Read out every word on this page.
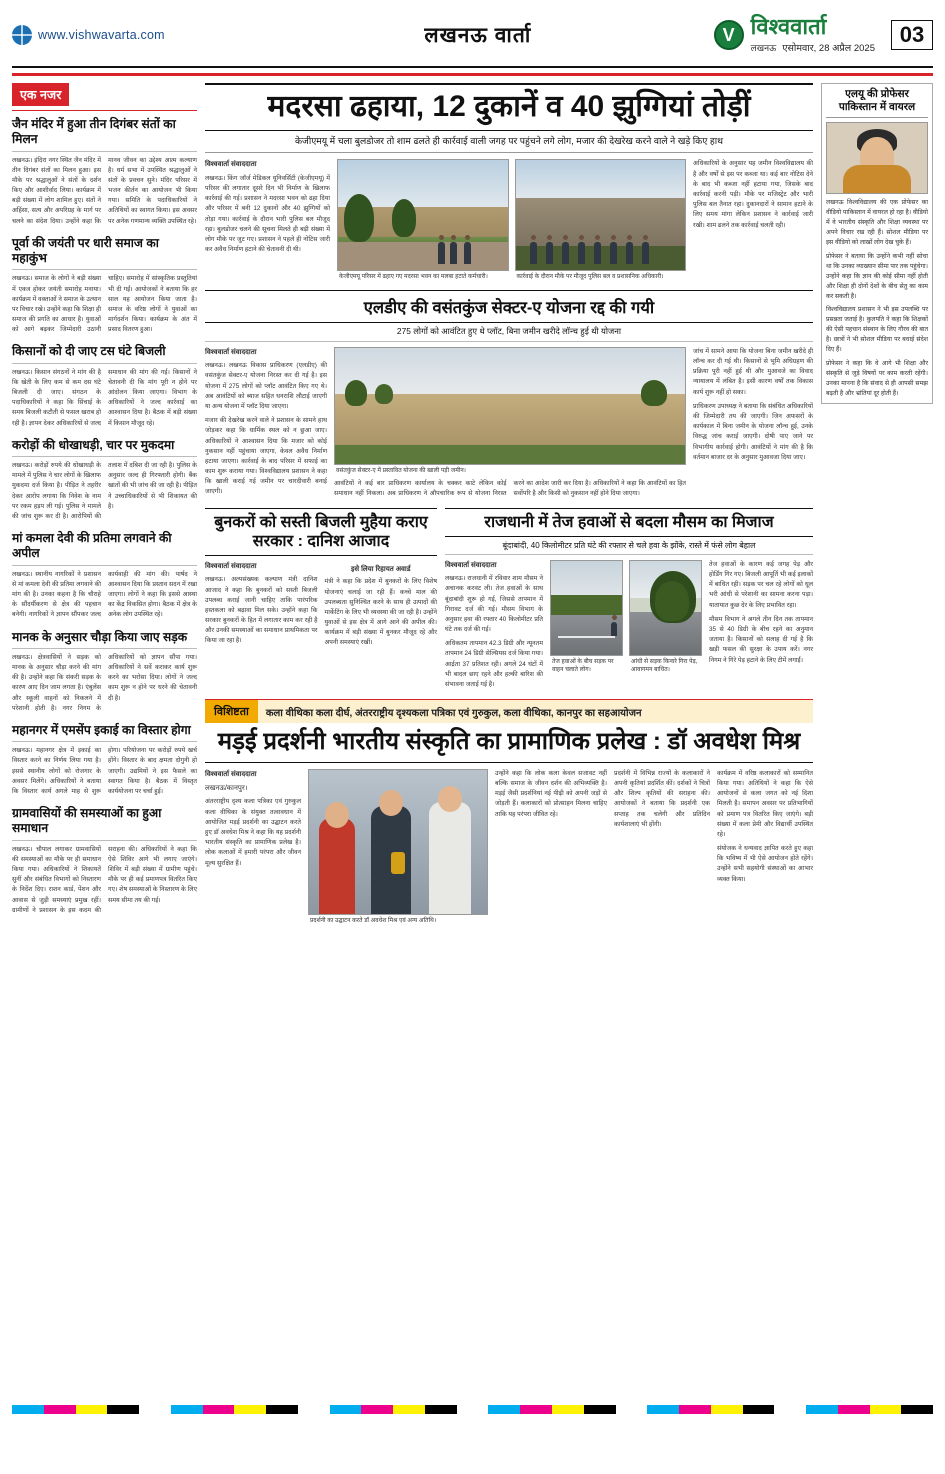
www.vishwavarta.com	लखनऊ वार्ता	V विश्ववार्ता
लखनऊ एसोमवार, 28 अप्रैल 2025
03
एक नजर
जैन मंदिर में हुआ तीन दिगंबर संतों का मिलन
लखनऊ। इंदिरा नगर स्थित जैन मंदिर में तीन दिगंबर संतों का मिलन हुआ। इस मौके पर श्रद्धालुओं ने संतों के दर्शन किए और आशीर्वाद लिया। कार्यक्रम में बड़ी संख्या में लोग शामिल हुए। संतों ने अहिंसा, सत्य और अपरिग्रह के मार्ग पर चलने का संदेश दिया। उन्होंने कहा कि मानव जीवन का उद्देश्य आत्म कल्याण है। धर्म सभा में उपस्थित श्रद्धालुओं ने संतों के प्रवचन सुने। मंदिर परिसर में भजन कीर्तन का आयोजन भी किया गया। समिति के पदाधिकारियों ने अतिथियों का स्वागत किया। इस अवसर पर अनेक गणमान्य व्यक्ति उपस्थित रहे।
पूर्वा की जयंती पर धारी समाज का महाकुंभ
लखनऊ। समाज के लोगों ने बड़ी संख्या में एकत्र होकर जयंती समारोह मनाया। कार्यक्रम में वक्ताओं ने समाज के उत्थान पर विचार रखे। उन्होंने कहा कि शिक्षा ही समाज की प्रगति का आधार है। युवाओं को आगे बढ़कर जिम्मेदारी उठानी चाहिए। समारोह में सांस्कृतिक प्रस्तुतियां भी दी गईं। आयोजकों ने बताया कि हर साल यह आयोजन किया जाता है। समाज के वरिष्ठ लोगों ने युवाओं का मार्गदर्शन किया। कार्यक्रम के अंत में प्रसाद वितरण हुआ।
किसानों को दी जाए टस घंटे बिजली
लखनऊ। किसान संगठनों ने मांग की है कि खेती के लिए कम से कम दस घंटे बिजली दी जाए। संगठन के पदाधिकारियों ने कहा कि सिंचाई के समय बिजली कटौती से फसल खराब हो रही है। ज्ञापन देकर अधिकारियों से जल्द समाधान की मांग की गई। किसानों ने चेतावनी दी कि मांग पूरी न होने पर आंदोलन किया जाएगा। विभाग के अधिकारियों ने जल्द कार्रवाई का आश्वासन दिया है। बैठक में बड़ी संख्या में किसान मौजूद रहे।
करोड़ों की धोखाधड़ी, चार पर मुकदमा
लखनऊ। करोड़ों रुपये की धोखाधड़ी के मामले में पुलिस ने चार लोगों के खिलाफ मुकदमा दर्ज किया है। पीड़ित ने तहरीर देकर आरोप लगाया कि निवेश के नाम पर रकम हड़प ली गई। पुलिस ने मामले की जांच शुरू कर दी है। आरोपियों की तलाश में दबिश दी जा रही है। पुलिस के अनुसार जल्द ही गिरफ्तारी होगी। बैंक खातों की भी जांच की जा रही है। पीड़ित ने उच्चाधिकारियों से भी शिकायत की है।
मां कमला देवी की प्रतिमा लगवाने की अपील
लखनऊ। स्थानीय नागरिकों ने प्रशासन से मां कमला देवी की प्रतिमा लगवाने की मांग की है। उनका कहना है कि चौराहे के सौंदर्यीकरण से क्षेत्र की पहचान बनेगी। नागरिकों ने ज्ञापन सौंपकर जल्द कार्यवाही की मांग की। पार्षद ने आश्वासन दिया कि प्रस्ताव सदन में रखा जाएगा। लोगों ने कहा कि इससे आस्था का केंद्र विकसित होगा। बैठक में क्षेत्र के अनेक लोग उपस्थित रहे।
मानक के अनुसार चौड़ा किया जाए सड़क
लखनऊ। क्षेत्रवासियों ने सड़क को मानक के अनुसार चौड़ा करने की मांग की है। उन्होंने कहा कि संकरी सड़क के कारण आए दिन जाम लगता है। एंबुलेंस और स्कूली वाहनों को निकलने में परेशानी होती है। नगर निगम के अधिकारियों को ज्ञापन सौंपा गया। अधिकारियों ने सर्वे कराकर कार्य शुरू करने का भरोसा दिया। लोगों ने जल्द काम शुरू न होने पर धरने की चेतावनी दी है।
महानगर में एमसेंप इकाई का विस्तार होगा
लखनऊ। महानगर क्षेत्र में इकाई का विस्तार करने का निर्णय लिया गया है। इससे स्थानीय लोगों को रोजगार के अवसर मिलेंगे। अधिकारियों ने बताया कि विस्तार कार्य अगले माह से शुरू होगा। परियोजना पर करोड़ों रुपये खर्च होंगे। विस्तार के बाद क्षमता दोगुनी हो जाएगी। उद्यमियों ने इस फैसले का स्वागत किया है। बैठक में विस्तृत कार्ययोजना पर चर्चा हुई।
ग्रामवासियों की समस्याओं का हुआ समाधान
लखनऊ। चौपाल लगाकर ग्रामवासियों की समस्याओं का मौके पर ही समाधान किया गया। अधिकारियों ने शिकायतें सुनीं और संबंधित विभागों को निस्तारण के निर्देश दिए। राशन कार्ड, पेंशन और आवास से जुड़ी समस्याएं प्रमुख रहीं। ग्रामीणों ने प्रशासन के इस कदम की सराहना की। अधिकारियों ने कहा कि ऐसे शिविर आगे भी लगाए जाएंगे। शिविर में बड़ी संख्या में ग्रामीण पहुंचे। मौके पर ही कई प्रमाणपत्र वितरित किए गए। शेष समस्याओं के निस्तारण के लिए समय सीमा तय की गई।
मदरसा ढहाया, 12 दुकानें व 40 झुग्गियां तोड़ीं
केजीएमयू में चला बुलडोजर तो शाम ढलते ही कार्रवाई वाली जगह पर पहुंचने लगे लोग, मजार की देखरेख करने वाले ने खड़े किए हाथ
विश्ववार्ता संवाददाता
लखनऊ। किंग जॉर्ज मेडिकल यूनिवर्सिटी (केजीएमयू) में परिसर की लगातार दूसरे दिन भी निर्माण के खिलाफ कार्रवाई की गई। प्रशासन ने मदरसा भवन को ढहा दिया और परिसर में बनी 12 दुकानों और 40 झुग्गियों को तोड़ा गया। कार्रवाई के दौरान भारी पुलिस बल मौजूद रहा। बुलडोजर चलने की सूचना मिलते ही बड़ी संख्या में लोग मौके पर जुट गए। प्रशासन ने पहले ही नोटिस जारी कर अवैध निर्माण हटाने की चेतावनी दी थी।
केजीएमयू परिसर में ढहाए गए मदरसा भवन का मलबा हटाते कर्मचारी।	कार्रवाई के दौरान मौके पर मौजूद पुलिस बल व प्रशासनिक अधिकारी।
अधिकारियों के अनुसार यह जमीन विश्वविद्यालय की है और वर्षों से इस पर कब्जा था। कई बार नोटिस देने के बाद भी कब्जा नहीं हटाया गया, जिसके बाद कार्रवाई करनी पड़ी। मौके पर मजिस्ट्रेट और भारी पुलिस बल तैनात रहा। दुकानदारों ने सामान हटाने के लिए समय मांगा लेकिन प्रशासन ने कार्रवाई जारी रखी। शाम ढलने तक कार्रवाई चलती रही।
एलडीए की वसंतकुंज सेक्टर-ए योजना रद्द की गयी
275 लोगों को आवंटित हुए थे प्लॉट, बिना जमीन खरीदे लॉन्च हुई थी योजना
विश्ववार्ता संवाददाता
लखनऊ। लखनऊ विकास प्राधिकरण (एलडीए) की वसंतकुंज सेक्टर-ए योजना निरस्त कर दी गई है। इस योजना में 275 लोगों को प्लॉट आवंटित किए गए थे। अब आवंटियों को ब्याज सहित धनराशि लौटाई जाएगी या अन्य योजना में प्लॉट दिया जाएगा।
मजार की देखरेख करने वाले ने प्रशासन के सामने हाथ जोड़कर कहा कि धार्मिक स्थल को न छुआ जाए। अधिकारियों ने आश्वासन दिया कि मजार को कोई नुकसान नहीं पहुंचाया जाएगा, केवल अवैध निर्माण हटाया जाएगा। कार्रवाई के बाद परिसर में सफाई का काम शुरू कराया गया। विश्वविद्यालय प्रशासन ने कहा कि खाली कराई गई जमीन पर चारदीवारी बनाई जाएगी।
वसंतकुंज सेक्टर-ए में प्रस्तावित योजना की खाली पड़ी जमीन।
आवंटियों ने कई बार प्राधिकरण कार्यालय के चक्कर काटे लेकिन कोई समाधान नहीं निकला। अब प्राधिकरण ने औपचारिक रूप से योजना निरस्त करने का आदेश जारी कर दिया है। अधिकारियों ने कहा कि आवंटियों का हित सर्वोपरि है और किसी को नुकसान नहीं होने दिया जाएगा।
जांच में सामने आया कि योजना बिना जमीन खरीदे ही लॉन्च कर दी गई थी। किसानों से भूमि अधिग्रहण की प्रक्रिया पूरी नहीं हुई थी और मुआवजे का विवाद न्यायालय में लंबित है। इसी कारण वर्षों तक विकास कार्य शुरू नहीं हो सका।
प्राधिकरण उपाध्यक्ष ने बताया कि संबंधित अधिकारियों की जिम्मेदारी तय की जाएगी। जिन अफसरों के कार्यकाल में बिना जमीन के योजना लॉन्च हुई, उनके विरुद्ध जांच कराई जाएगी। दोषी पाए जाने पर विभागीय कार्रवाई होगी। आवंटियों ने मांग की है कि वर्तमान बाजार दर के अनुसार मुआवजा दिया जाए।
बुनकरों को सस्ती बिजली मुहैया कराए सरकार : दानिश आजाद
विश्ववार्ता संवाददाता
लखनऊ। अल्पसंख्यक कल्याण मंत्री दानिश आजाद ने कहा कि बुनकरों को सस्ती बिजली उपलब्ध कराई जानी चाहिए ताकि पारंपरिक हस्तकला को बढ़ावा मिल सके। उन्होंने कहा कि सरकार बुनकरों के हित में लगातार काम कर रही है और उनकी समस्याओं का समाधान प्राथमिकता पर किया जा रहा है।
इसे लिया रिहायत अवार्ड
मंत्री ने कहा कि प्रदेश में बुनकरों के लिए विशेष योजनाएं चलाई जा रही हैं। कच्चे माल की उपलब्धता सुनिश्चित करने के साथ ही उत्पादों की मार्केटिंग के लिए भी व्यवस्था की जा रही है। उन्होंने युवाओं से इस क्षेत्र में आगे आने की अपील की। कार्यक्रम में बड़ी संख्या में बुनकर मौजूद रहे और अपनी समस्याएं रखीं।
राजधानी में तेज हवाओं से बदला मौसम का मिजाज
बूंदाबांदी, 40 किलोमीटर प्रति घंटे की रफ्तार से चले हवा के झोंके, रास्ते में फंसे लोग बेहाल
विश्ववार्ता संवाददाता
लखनऊ। राजधानी में रविवार शाम मौसम ने अचानक करवट ली। तेज हवाओं के साथ बूंदाबांदी शुरू हो गई, जिससे तापमान में गिरावट दर्ज की गई। मौसम विभाग के अनुसार हवा की रफ्तार 40 किलोमीटर प्रति घंटे तक दर्ज की गई।
अधिकतम तापमान 42.3 डिग्री और न्यूनतम तापमान 24 डिग्री सेल्सियस दर्ज किया गया। आर्द्रता 37 प्रतिशत रही। अगले 24 घंटों में भी बादल छाए रहने और हल्की बारिश की संभावना जताई गई है।
तेज हवाओं के बीच सड़क पर वाहन चलाते लोग।
आंधी से सड़क किनारे गिरा पेड़, आवागमन बाधित।
तेज हवाओं के कारण कई जगह पेड़ और होर्डिंग गिर गए। बिजली आपूर्ति भी कई इलाकों में बाधित रही। सड़क पर चल रहे लोगों को धूल भरी आंधी से परेशानी का सामना करना पड़ा। यातायात कुछ देर के लिए प्रभावित रहा।
मौसम विभाग ने अगले तीन दिन तक तापमान 35 से 40 डिग्री के बीच रहने का अनुमान जताया है। किसानों को सलाह दी गई है कि खड़ी फसल की सुरक्षा के उपाय करें। नगर निगम ने गिरे पेड़ हटाने के लिए टीमें लगाईं।
विशिष्टता	कला वीथिका कला दीर्घ, अंतरराष्ट्रीय दृश्यकला पत्रिका एवं गुरुकुल, कला वीथिका, कानपुर का सहआयोजन
मड़ई प्रदर्शनी भारतीय संस्कृति का प्रामाणिक प्रलेख : डॉ अवधेश मिश्र
विश्ववार्ता संवाददाता
लखनऊ/कानपुर।
अंतरराष्ट्रीय दृश्य कला पत्रिका एवं गुरुकुल कला वीथिका के संयुक्त तत्वावधान में आयोजित मड़ई प्रदर्शनी का उद्घाटन करते हुए डॉ अवधेश मिश्र ने कहा कि यह प्रदर्शनी भारतीय संस्कृति का प्रामाणिक प्रलेख है। लोक कलाओं में हमारी परंपरा और जीवन मूल्य सुरक्षित हैं।
प्रदर्शनी का उद्घाटन करते डॉ अवधेश मिश्र एवं अन्य अतिथि।
उन्होंने कहा कि लोक कला केवल सजावट नहीं बल्कि समाज के जीवन दर्शन की अभिव्यक्ति है। मड़ई जैसी प्रदर्शनियां नई पीढ़ी को अपनी जड़ों से जोड़ती हैं। कलाकारों को प्रोत्साहन मिलना चाहिए ताकि यह परंपरा जीवित रहे।
प्रदर्शनी में विभिन्न राज्यों के कलाकारों ने अपनी कृतियां प्रदर्शित कीं। दर्शकों ने चित्रों और शिल्प कृतियों की सराहना की। आयोजकों ने बताया कि प्रदर्शनी एक सप्ताह तक चलेगी और प्रतिदिन कार्यशालाएं भी होंगी।
कार्यक्रम में वरिष्ठ कलाकारों को सम्मानित किया गया। अतिथियों ने कहा कि ऐसे आयोजनों से कला जगत को नई दिशा मिलती है। समापन अवसर पर प्रतिभागियों को प्रमाण पत्र वितरित किए जाएंगे। बड़ी संख्या में कला प्रेमी और विद्यार्थी उपस्थित रहे।
संयोजक ने धन्यवाद ज्ञापित करते हुए कहा कि भविष्य में भी ऐसे आयोजन होते रहेंगे। उन्होंने सभी सहयोगी संस्थाओं का आभार व्यक्त किया।
एलयू की प्रोफेसर पाकिस्तान में वायरल
लखनऊ विश्वविद्यालय की एक प्रोफेसर का वीडियो पाकिस्तान में वायरल हो रहा है। वीडियो में वे भारतीय संस्कृति और शिक्षा व्यवस्था पर अपने विचार रख रही हैं। सोशल मीडिया पर इस वीडियो को लाखों लोग देख चुके हैं।
प्रोफेसर ने बताया कि उन्होंने कभी नहीं सोचा था कि उनका व्याख्यान सीमा पार तक पहुंचेगा। उन्होंने कहा कि ज्ञान की कोई सीमा नहीं होती और शिक्षा ही दोनों देशों के बीच सेतु का काम कर सकती है।
विश्वविद्यालय प्रशासन ने भी इस उपलब्धि पर प्रसन्नता जताई है। कुलपति ने कहा कि शिक्षकों की ऐसी पहचान संस्थान के लिए गौरव की बात है। छात्रों ने भी सोशल मीडिया पर बधाई संदेश दिए हैं।
प्रोफेसर ने कहा कि वे आगे भी शिक्षा और संस्कृति से जुड़े विषयों पर काम करती रहेंगी। उनका मानना है कि संवाद से ही आपसी समझ बढ़ती है और भ्रांतियां दूर होती हैं।
